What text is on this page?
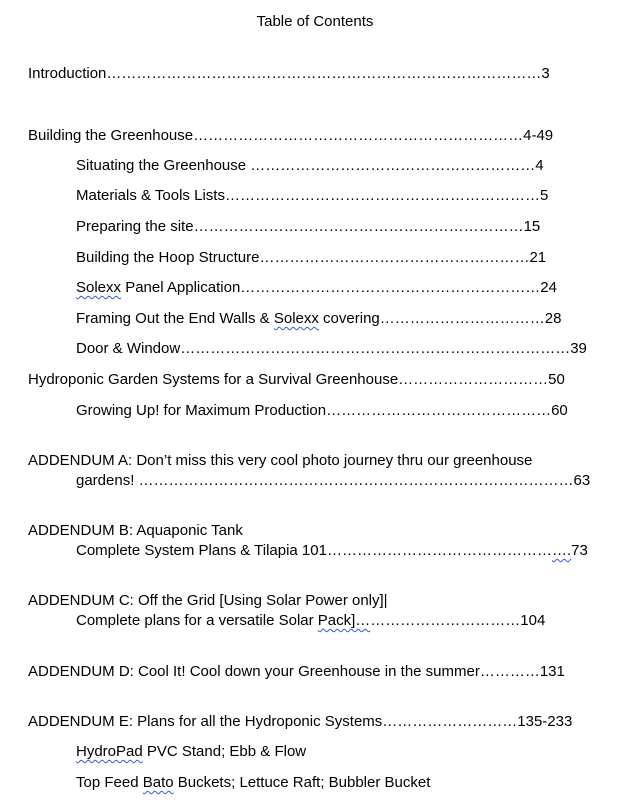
Table of Contents
Introduction……………………………………………………………………………3
Building the Greenhouse…………………………………………………………4-49
Situating the Greenhouse …………………………………………………4
Materials & Tools Lists………………………………………………………5
Preparing the site…………………………………………………………15
Building the Hoop Structure………………………………………………21
Solexx Panel Application……………………………………………………24
Framing Out the End Walls & Solexx covering……………………………28
Door & Window……………………………………………………………………39
Hydroponic Garden Systems for a Survival Greenhouse…………………………50
Growing Up! for Maximum Production………………………………………60
ADDENDUM A: Don’t miss this very cool photo journey thru our greenhouse
gardens! ……………………………………………………………………………63
ADDENDUM B: Aquaponic Tank
Complete System Plans & Tilapia 101………………………………………….73
ADDENDUM C: Off the Grid [Using Solar Power only]|
Complete plans for a versatile Solar Pack]……………………………104
ADDENDUM D: Cool It! Cool down your Greenhouse in the summer…………131
ADDENDUM E: Plans for all the Hydroponic Systems………………………135-233
HydroPad PVC Stand; Ebb & Flow
Top Feed Bato Buckets; Lettuce Raft; Bubbler Bucket
